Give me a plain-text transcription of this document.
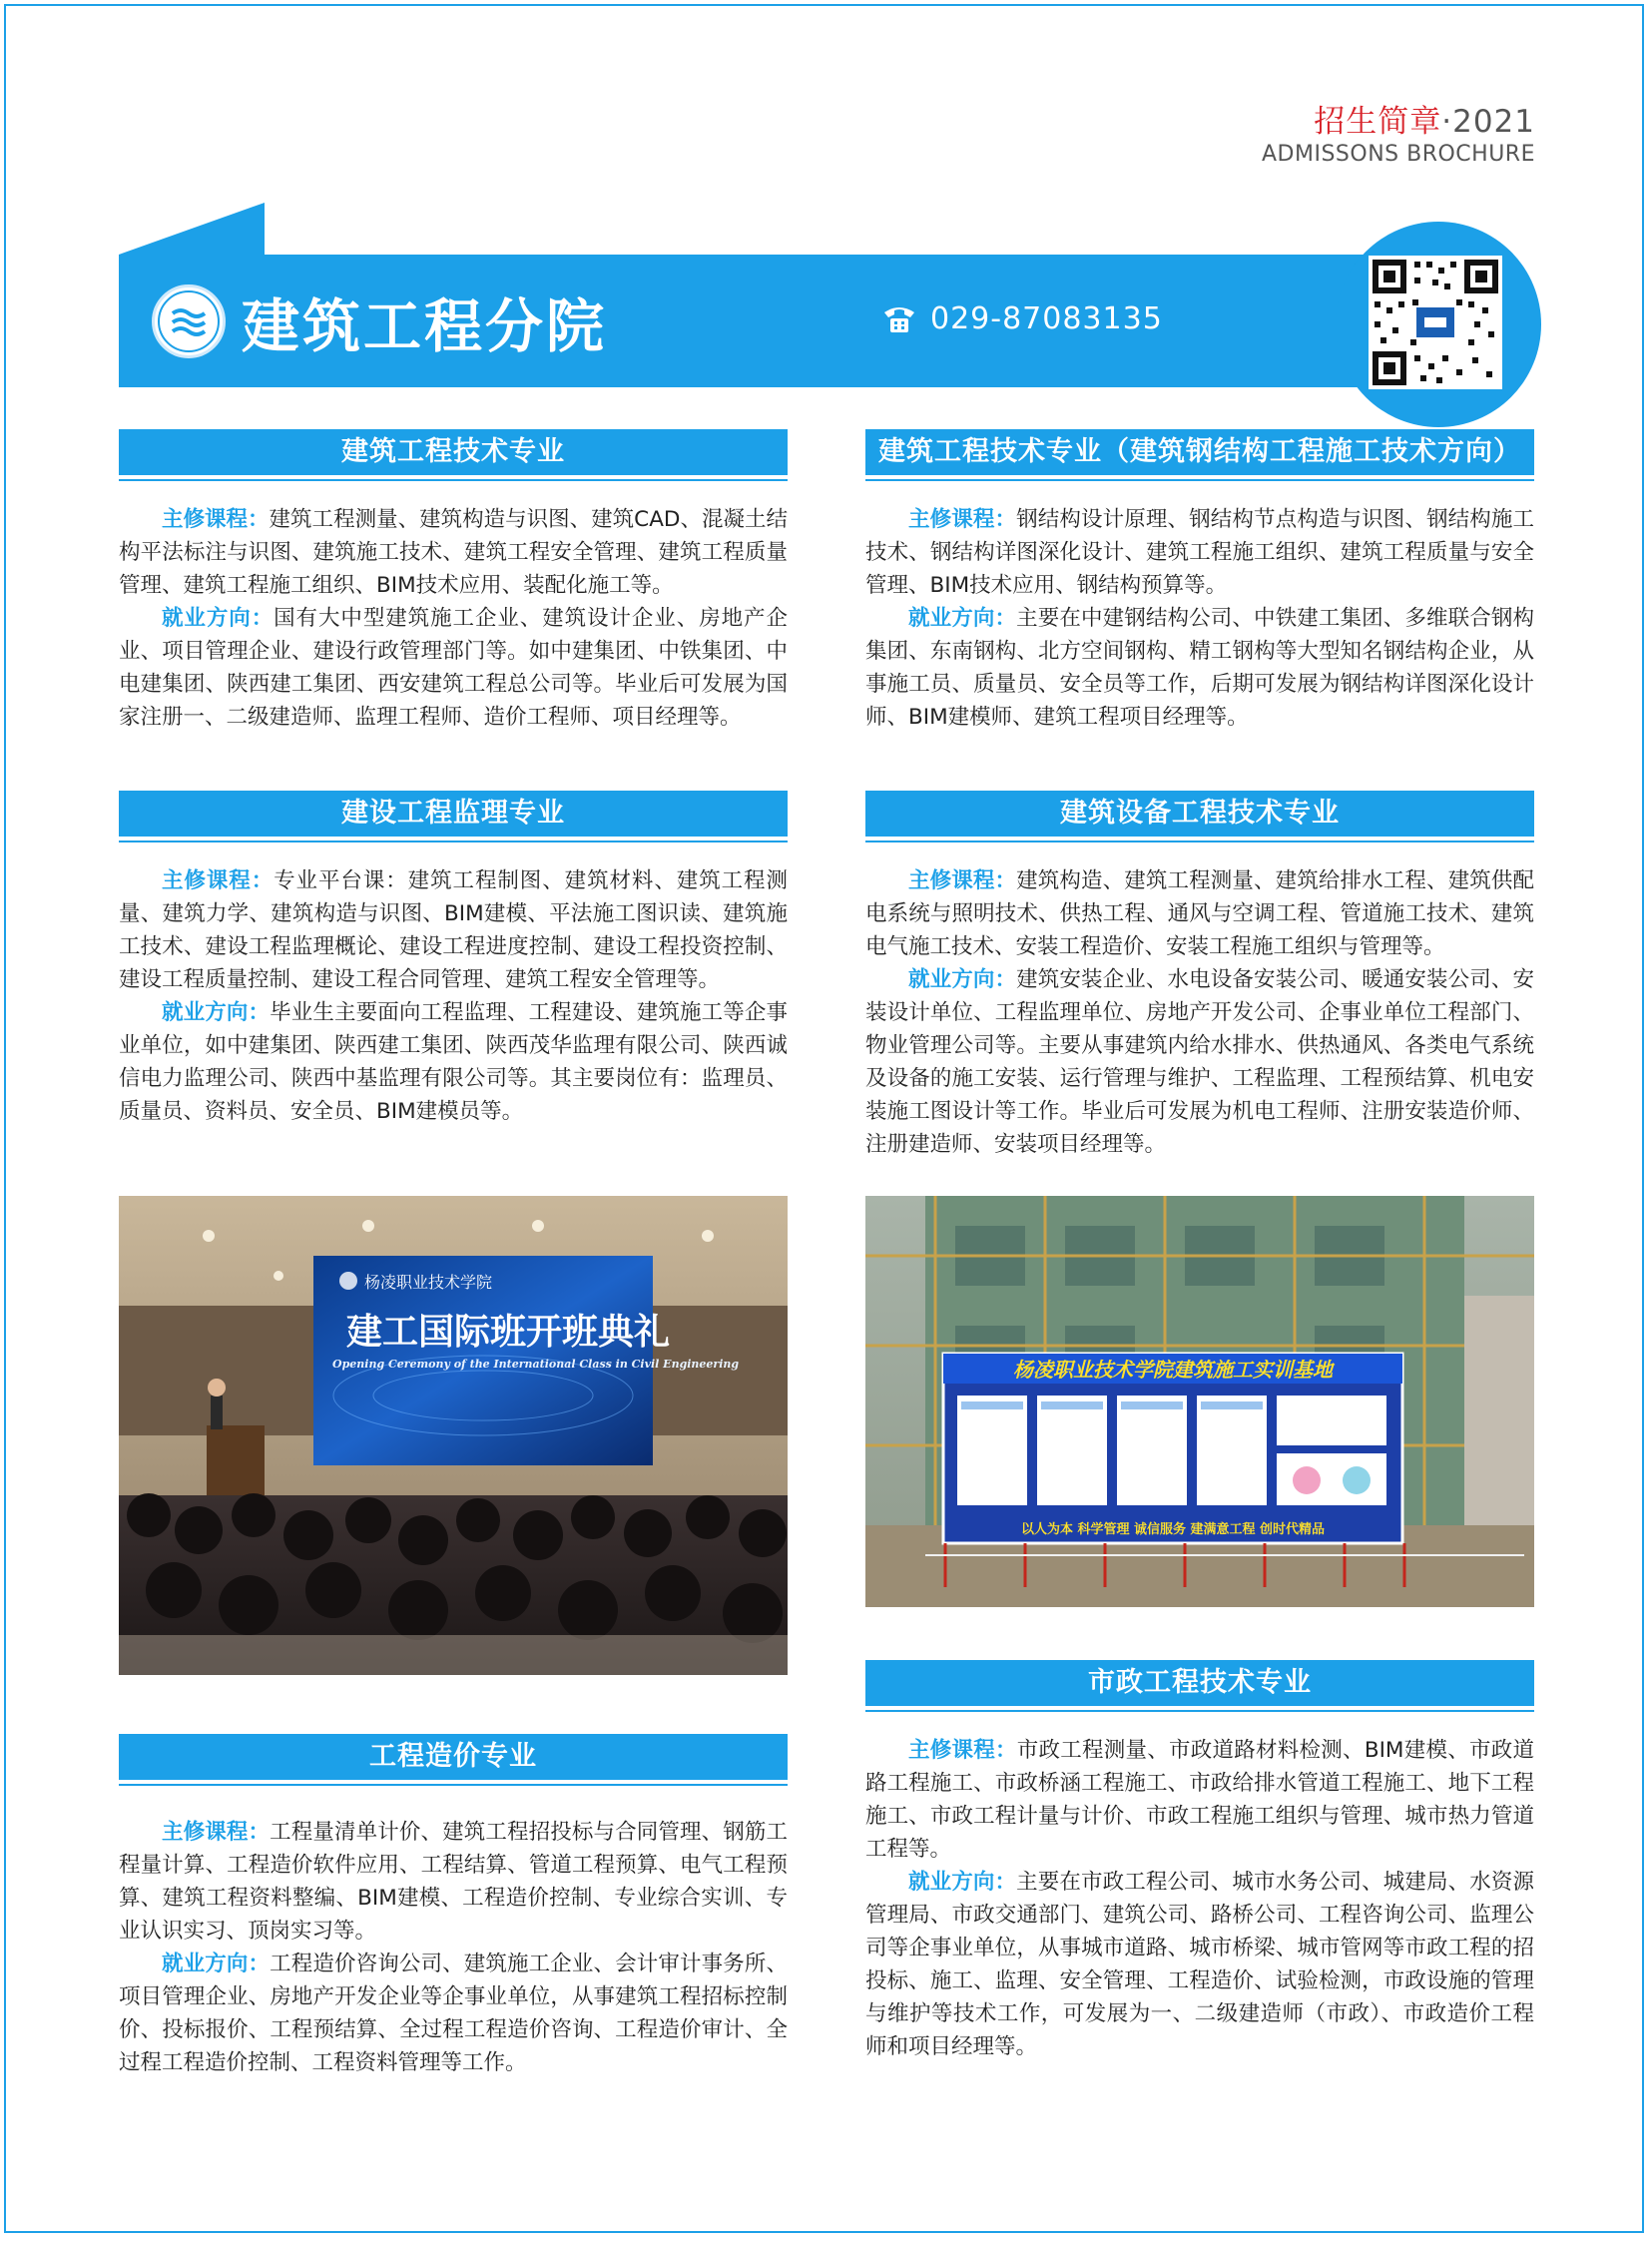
招生简章·2021
ADMISSONS BROCHURE
建筑工程分院	029-87083135
建筑工程技术专业

主修课程：建筑工程测量、建筑构造与识图、建筑CAD、混凝土结构平法标注与识图、建筑施工技术、建筑工程安全管理、建筑工程质量管理、建筑工程施工组织、BIM技术应用、装配化施工等。

就业方向：国有大中型建筑施工企业、建筑设计企业、房地产企业、项目管理企业、建设行政管理部门等。如中建集团、中铁集团、中电建集团、陕西建工集团、西安建筑工程总公司等。毕业后可发展为国家注册一、二级建造师、监理工程师、造价工程师、项目经理等。

建筑工程技术专业（建筑钢结构工程施工技术方向）

主修课程：钢结构设计原理、钢结构节点构造与识图、钢结构施工技术、钢结构详图深化设计、建筑工程施工组织、建筑工程质量与安全管理、BIM技术应用、钢结构预算等。

就业方向：主要在中建钢结构公司、中铁建工集团、多维联合钢构集团、东南钢构、北方空间钢构、精工钢构等大型知名钢结构企业，从事施工员、质量员、安全员等工作，后期可发展为钢结构详图深化设计师、BIM建模师、建筑工程项目经理等。

建设工程监理专业

主修课程：专业平台课：建筑工程制图、建筑材料、建筑工程测量、建筑力学、建筑构造与识图、BIM建模、平法施工图识读、建筑施工技术、建设工程监理概论、建设工程进度控制、建设工程投资控制、建设工程质量控制、建设工程合同管理、建筑工程安全管理等。

就业方向：毕业生主要面向工程监理、工程建设、建筑施工等企事业单位，如中建集团、陕西建工集团、陕西茂华监理有限公司、陕西诚信电力监理公司、陕西中基监理有限公司等。其主要岗位有：监理员、质量员、资料员、安全员、BIM建模员等。

建筑设备工程技术专业

主修课程：建筑构造、建筑工程测量、建筑给排水工程、建筑供配电系统与照明技术、供热工程、通风与空调工程、管道施工技术、建筑电气施工技术、安装工程造价、安装工程施工组织与管理等。

就业方向：建筑安装企业、水电设备安装公司、暖通安装公司、安装设计单位、工程监理单位、房地产开发公司、企事业单位工程部门、物业管理公司等。主要从事建筑内给水排水、供热通风、各类电气系统及设备的施工安装、运行管理与维护、工程监理、工程预结算、机电安装施工图设计等工作。毕业后可发展为机电工程师、注册安装造价师、注册建造师、安装项目经理等。

杨凌职业技术学院
建工国际班开班典礼
Opening Ceremony of the International Class in Civil Engineering	杨凌职业技术学院建筑施工实训基地
以人为本 科学管理 诚信服务 建满意工程 创时代精品
工程造价专业

主修课程：工程量清单计价、建筑工程招投标与合同管理、钢筋工程量计算、工程造价软件应用、工程结算、管道工程预算、电气工程预算、建筑工程资料整编、BIM建模、工程造价控制、专业综合实训、专业认识实习、顶岗实习等。

就业方向：工程造价咨询公司、建筑施工企业、会计审计事务所、项目管理企业、房地产开发企业等企事业单位，从事建筑工程招标控制价、投标报价、工程预结算、全过程工程造价咨询、工程造价审计、全过程工程造价控制、工程资料管理等工作。

市政工程技术专业

主修课程：市政工程测量、市政道路材料检测、BIM建模、市政道路工程施工、市政桥涵工程施工、市政给排水管道工程施工、地下工程施工、市政工程计量与计价、市政工程施工组织与管理、城市热力管道工程等。

就业方向：主要在市政工程公司、城市水务公司、城建局、水资源管理局、市政交通部门、建筑公司、路桥公司、工程咨询公司、监理公司等企事业单位，从事城市道路、城市桥梁、城市管网等市政工程的招投标、施工、监理、安全管理、工程造价、试验检测，市政设施的管理与维护等技术工作，可发展为一、二级建造师（市政）、市政造价工程师和项目经理等。
